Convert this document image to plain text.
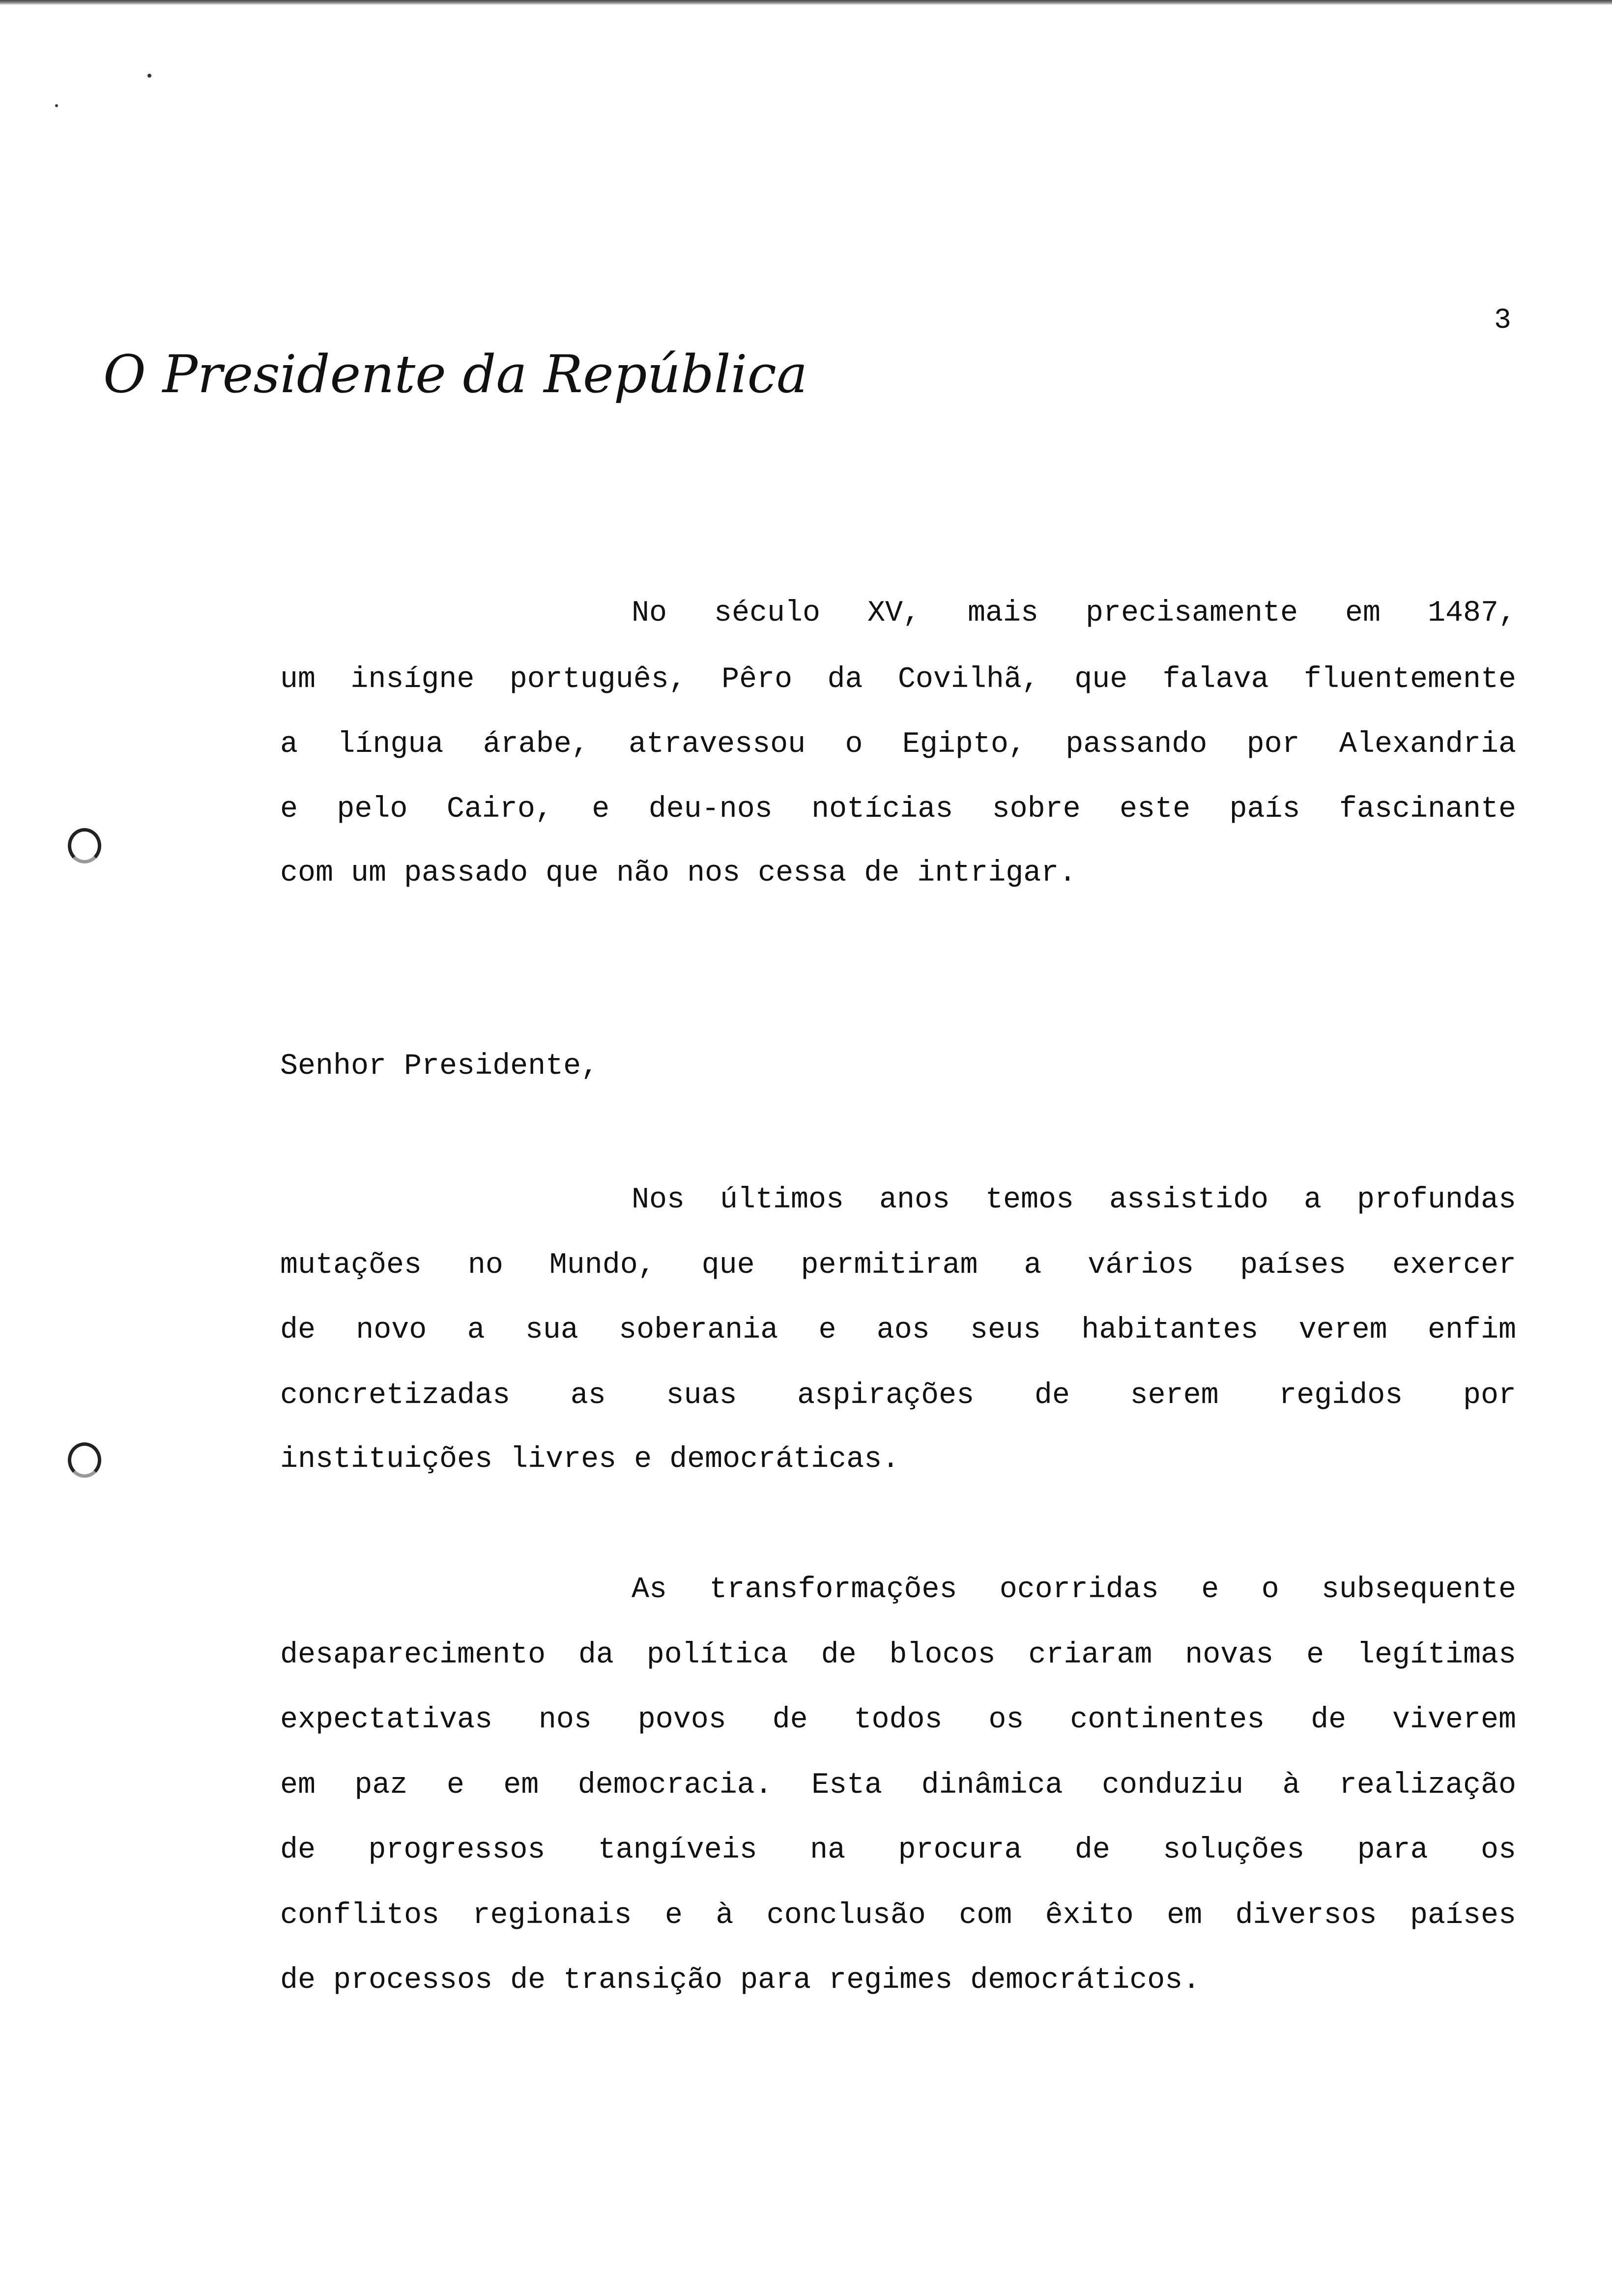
3
O Presidente da República
No século XV, mais precisamente em 1487,
um insígne português, Pêro da Covilhã, que falava fluentemente
a língua árabe, atravessou o Egipto, passando por Alexandria
e pelo Cairo, e deu-nos notícias sobre este país fascinante
com um passado que não nos cessa de intrigar.
Senhor Presidente,
Nos últimos anos temos assistido a profundas
mutações no Mundo, que permitiram a vários países exercer
de novo a sua soberania e aos seus habitantes verem enfim
concretizadas as suas aspirações de serem regidos por
instituições livres e democráticas.
As transformações ocorridas e o subsequente
desaparecimento da política de blocos criaram novas e legítimas
expectativas nos povos de todos os continentes de viverem
em paz e em democracia. Esta dinâmica conduziu à realização
de progressos tangíveis na procura de soluções para os
conflitos regionais e à conclusão com êxito em diversos países
de processos de transição para regimes democráticos.
